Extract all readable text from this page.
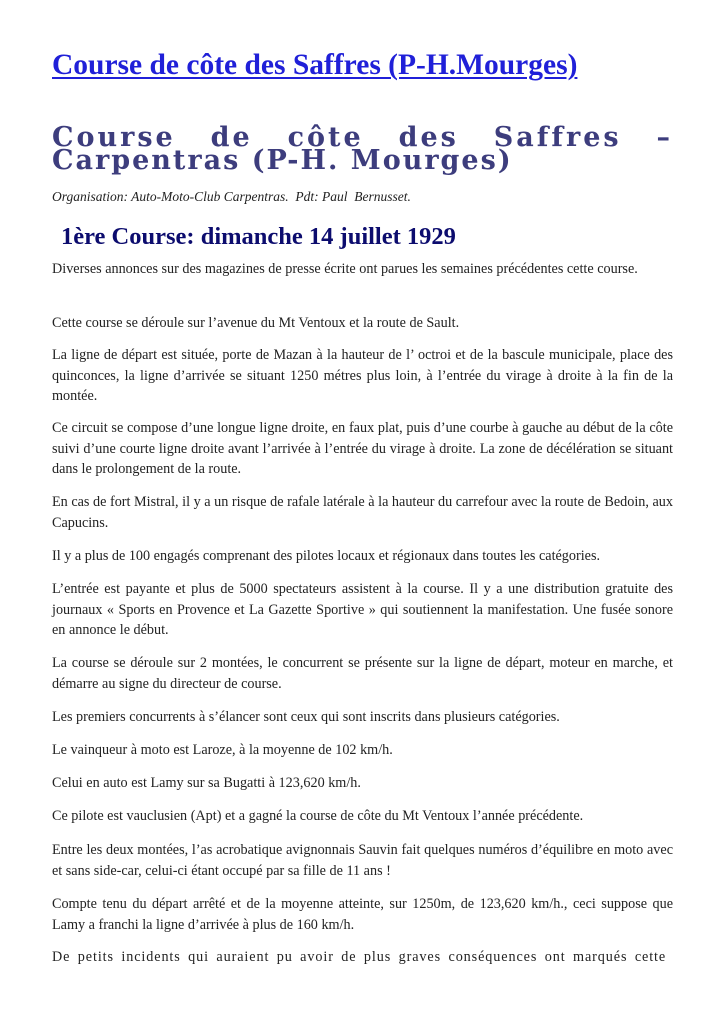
Course de côte des Saffres (P-H.Mourges)
Course de côte des Saffres –
Carpentras (P-H. Mourges)

Organisation: Auto-Moto-Club Carpentras.  Pdt: Paul  Bernusset.

1ère Course: dimanche 14 juillet 1929

Diverses annonces sur des magazines de presse écrite ont parues les semaines précédentes cette course.

Cette course se déroule sur l’avenue du Mt Ventoux et la route de Sault.

La ligne de départ est située, porte de Mazan à la hauteur de l’ octroi et de la bascule municipale, place des quinconces, la ligne d’arrivée se situant 1250 métres plus loin, à l’entrée du virage à droite à la fin de la montée.

Ce circuit se compose d’une longue ligne droite, en faux plat, puis d’une courbe à gauche au début de la côte suivi d’une courte ligne droite avant l’arrivée à l’entrée du virage à droite. La zone de décélération se situant dans le prolongement de la route.

En cas de fort Mistral, il y a un risque de rafale latérale à la hauteur du carrefour avec la route de Bedoin, aux Capucins.

Il y a plus de 100 engagés comprenant des pilotes locaux et régionaux dans toutes les catégories.

L’entrée est payante et plus de 5000 spectateurs assistent à la course. Il y a une distribution gratuite des journaux « Sports en Provence et La Gazette Sportive » qui soutiennent la manifestation. Une fusée sonore en annonce le début.

La course se déroule sur 2 montées, le concurrent se présente sur la ligne de départ, moteur en marche, et démarre au signe du directeur de course.

Les premiers concurrents à s’élancer sont ceux qui sont inscrits dans plusieurs catégories.

Le vainqueur à moto est Laroze, à la moyenne de 102 km/h.

Celui en auto est Lamy sur sa Bugatti à 123,620 km/h.

Ce pilote est vauclusien (Apt) et a gagné la course de côte du Mt Ventoux l’année précédente.

Entre les deux montées, l’as acrobatique avignonnais Sauvin fait quelques numéros d’équilibre en moto avec et sans side-car, celui-ci étant occupé par sa fille de 11 ans !

Compte tenu du départ arrêté et de la moyenne atteinte, sur 1250m, de 123,620 km/h., ceci suppose que Lamy a franchi la ligne d’arrivée à plus de 160 km/h.

De petits incidents qui auraient pu avoir de plus graves conséquences ont marqués cette
